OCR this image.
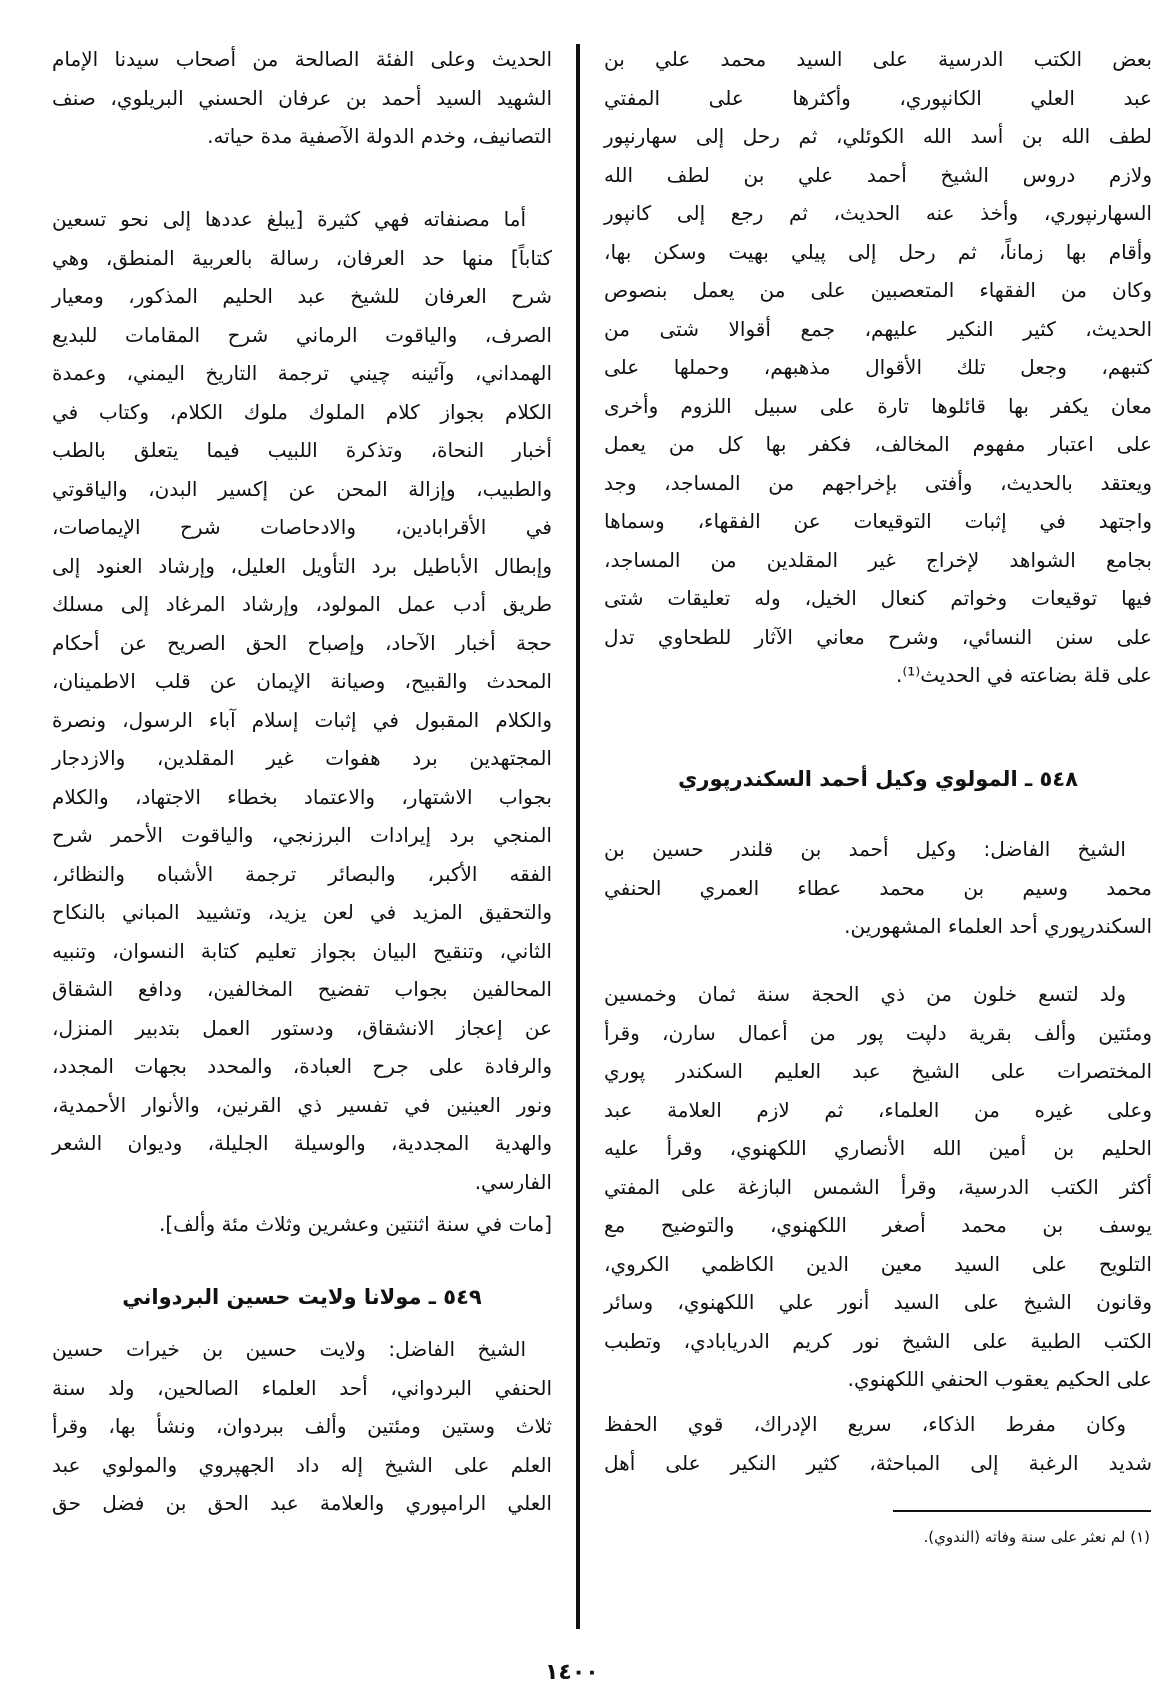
بعض الكتب الدرسية على السيد محمد علي بن
عبد العلي الكانپوري، وأكثرها على المفتي
لطف الله بن أسد الله الكوئلي، ثم رحل إلى سهارنپور
ولازم دروس الشيخ أحمد علي بن لطف الله
السهارنپوري، وأخذ عنه الحديث، ثم رجع إلى كانپور
وأقام بها زماناً، ثم رحل إلى پيلي بهيت وسكن بها،
وكان من الفقهاء المتعصبين على من يعمل بنصوص
الحديث، كثير النكير عليهم، جمع أقوالا شتى من
كتبهم، وجعل تلك الأقوال مذهبهم، وحملها على
معان يكفر بها قائلوها تارة على سبيل اللزوم وأخرى
على اعتبار مفهوم المخالف، فكفر بها كل من يعمل
ويعتقد بالحديث، وأفتى بإخراجهم من المساجد، وجد
واجتهد في إثبات التوقيعات عن الفقهاء، وسماها
بجامع الشواهد لإخراج غير المقلدين من المساجد،
فيها توقيعات وخواتم كنعال الخيل، وله تعليقات شتى
على سنن النسائي، وشرح معاني الآثار للطحاوي تدل
على قلة بضاعته في الحديث⁽¹⁾.
٥٤٨ ـ المولوي وكيل أحمد السكندرپوري
الشيخ الفاضل: وكيل أحمد بن قلندر حسين بن
محمد وسيم بن محمد عطاء العمري الحنفي
السكندرپوري أحد العلماء المشهورين.
ولد لتسع خلون من ذي الحجة سنة ثمان وخمسين
ومئتين وألف بقرية دلپت پور من أعمال سارن، وقرأ
المختصرات على الشيخ عبد العليم السكندر پوري
وعلى غيره من العلماء، ثم لازم العلامة عبد
الحليم بن أمين الله الأنصاري اللكهنوي، وقرأ عليه
أكثر الكتب الدرسية، وقرأ الشمس البازغة على المفتي
يوسف بن محمد أصغر اللكهنوي، والتوضيح مع
التلويح على السيد معين الدين الكاظمي الكروي،
وقانون الشيخ على السيد أنور علي اللكهنوي، وسائر
الكتب الطبية على الشيخ نور كريم الدريابادي، وتطبب
على الحكيم يعقوب الحنفي اللكهنوي.
وكان مفرط الذكاء، سريع الإدراك، قوي الحفظ
شديد الرغبة إلى المباحثة، كثير النكير على أهل
الحديث وعلى الفئة الصالحة من أصحاب سيدنا الإمام
الشهيد السيد أحمد بن عرفان الحسني البريلوي، صنف
التصانيف، وخدم الدولة الآصفية مدة حياته.
أما مصنفاته فهي كثيرة [يبلغ عددها إلى نحو تسعين
كتاباً] منها حد العرفان، رسالة بالعربية المنطق، وهي
شرح العرفان للشيخ عبد الحليم المذكور، ومعيار
الصرف، والياقوت الرماني شرح المقامات للبديع
الهمداني، وآئينه چيني ترجمة التاريخ اليمني، وعمدة
الكلام بجواز كلام الملوك ملوك الكلام، وكتاب في
أخبار النحاة، وتذكرة اللبيب فيما يتعلق بالطب
والطبيب، وإزالة المحن عن إكسير البدن، والياقوتي
في الأقرابادين، والادحاصات شرح الإيماصات،
وإبطال الأباطيل برد التأويل العليل، وإرشاد العنود إلى
طريق أدب عمل المولود، وإرشاد المرغاد إلى مسلك
حجة أخبار الآحاد، وإصباح الحق الصريح عن أحكام
المحدث والقبيح، وصيانة الإيمان عن قلب الاطمينان،
والكلام المقبول في إثبات إسلام آباء الرسول، ونصرة
المجتهدين برد هفوات غير المقلدين، والازدجار
بجواب الاشتهار، والاعتماد بخطاء الاجتهاد، والكلام
المنجي برد إيرادات البرزنجي، والياقوت الأحمر شرح
الفقه الأكبر، والبصائر ترجمة الأشباه والنظائر،
والتحقيق المزيد في لعن يزيد، وتشييد المباني بالنكاح
الثاني، وتنقيح البيان بجواز تعليم كتابة النسوان، وتنبيه
المحالفين بجواب تفضيح المخالفين، ودافع الشقاق
عن إعجاز الانشقاق، ودستور العمل بتدبير المنزل،
والرفادة على جرح العبادة، والمحدد بجهات المجدد،
ونور العينين في تفسير ذي القرنين، والأنوار الأحمدية،
والهدية المجددية، والوسيلة الجليلة، وديوان الشعر
الفارسي.
[مات في سنة اثنتين وعشرين وثلاث مئة وألف].
٥٤٩ ـ مولانا ولايت حسين البردواني
الشيخ الفاضل: ولايت حسين بن خيرات حسين
الحنفي البردواني، أحد العلماء الصالحين، ولد سنة
ثلاث وستين ومئتين وألف ببردوان، ونشأ بها، وقرأ
العلم على الشيخ إله داد الجهپروي والمولوي عبد
العلي الرامپوري والعلامة عبد الحق بن فضل حق
(١) لم نعثر على سنة وفاته (الندوي).
١٤٠٠
